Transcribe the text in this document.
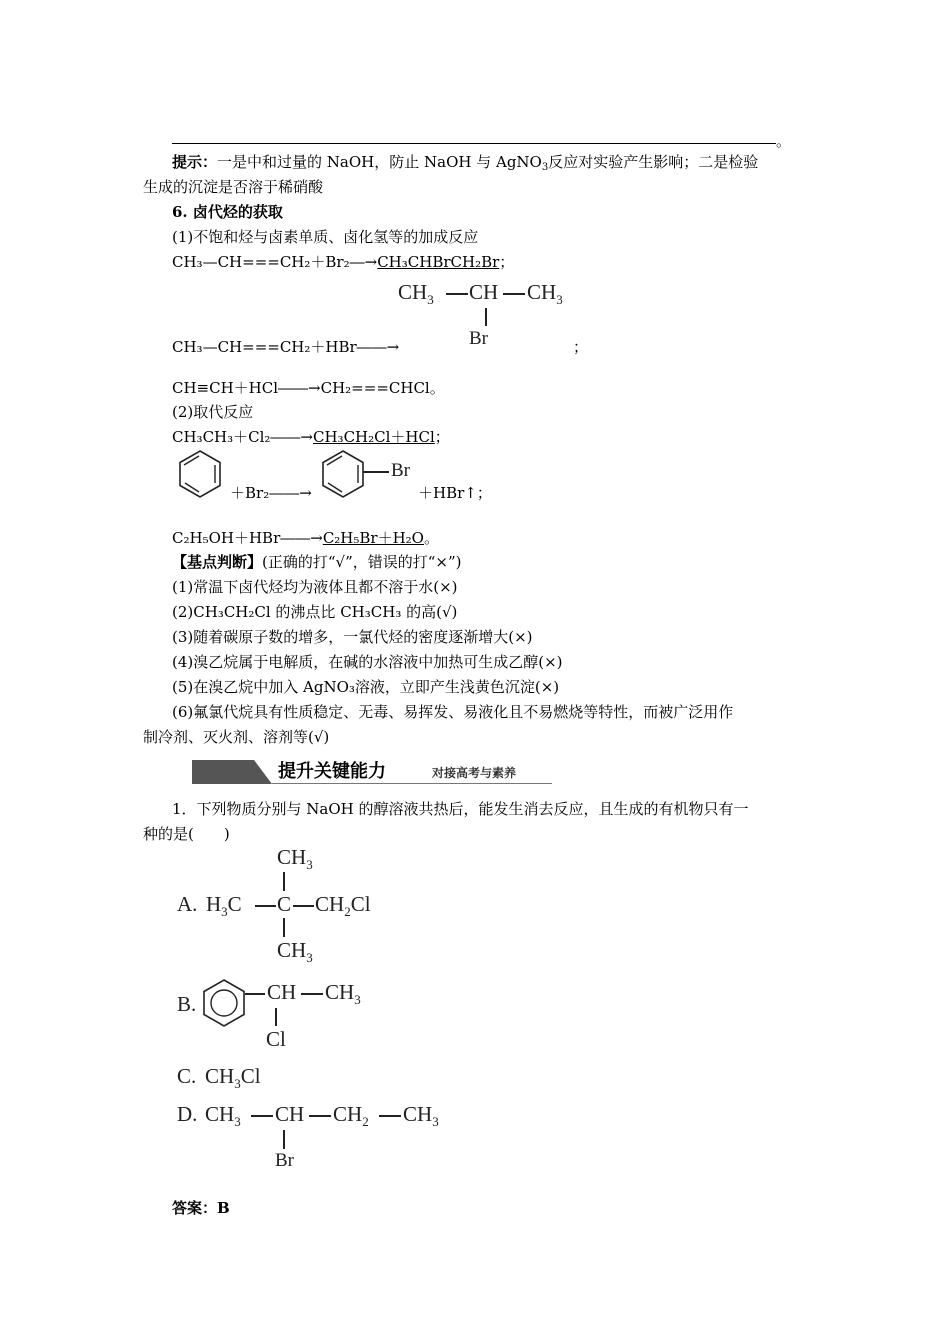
。
提示：一是中和过量的 NaOH，防止 NaOH 与 AgNO$_3$反应对实验产生影响；二是检验
生成的沉淀是否溶于稀硝酸
6. 卤代烃的获取
(1)不饱和烃与卤素单质、卤化氢等的加成反应
CH₃—CH===CH₂＋Br₂―→CH₃CHBrCH₂Br；
$CH_3$ CH $CH_3$
Br
CH₃—CH===CH₂＋HBr――→	；
CH≡CH＋HCl――→CH₂===CHCl。
(2)取代反应
CH₃CH₃＋Cl₂――→CH₃CH₂Cl＋HCl；
＋Br₂――→
Br
＋HBr↑；
C₂H₅OH＋HBr――→C₂H₅Br＋H₂O。
【基点判断】(正确的打“√”，错误的打“×”)
(1)常温下卤代烃均为液体且都不溶于水(×)
(2)CH₃CH₂Cl 的沸点比 CH₃CH₃ 的高(√)
(3)随着碳原子数的增多，一氯代烃的密度逐渐增大(×)
(4)溴乙烷属于电解质，在碱的水溶液中加热可生成乙醇(×)
(5)在溴乙烷中加入 AgNO₃溶液，立即产生浅黄色沉淀(×)
(6)氟氯代烷具有性质稳定、无毒、易挥发、易液化且不易燃烧等特性，而被广泛用作
制冷剂、灭火剂、溶剂等(√)
提升关键能力	对接高考与素养
1．下列物质分别与 NaOH 的醇溶液共热后，能发生消去反应，且生成的有机物只有一
种的是(　　)
$CH_3$
A. $H_3C$ C $CH_2Cl$
$CH_3$
B.	CH $CH_3$
Cl
C. $CH_3Cl$
D. $CH_3$ CH $CH_2$ $CH_3$
Br
答案：B
